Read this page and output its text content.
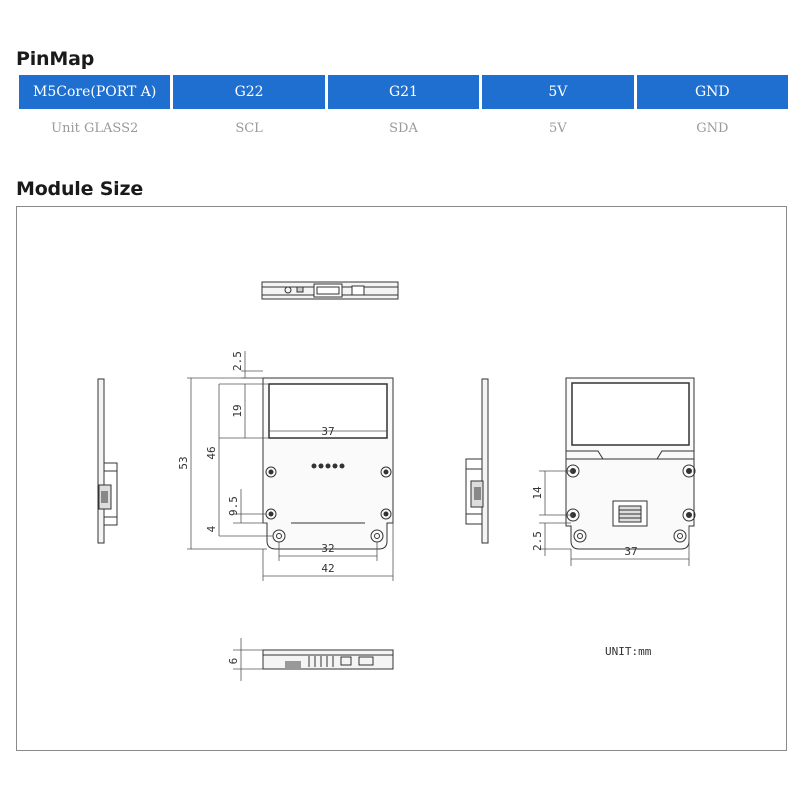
PinMap
M5Core(PORT A)	G22	G21	5V	GND
Unit GLASS2	SCL	SDA	5V	GND
Module Size
2.5
19
46
53
9.5
4
37
32
42
14
2.5
37
6
UNIT:mm
